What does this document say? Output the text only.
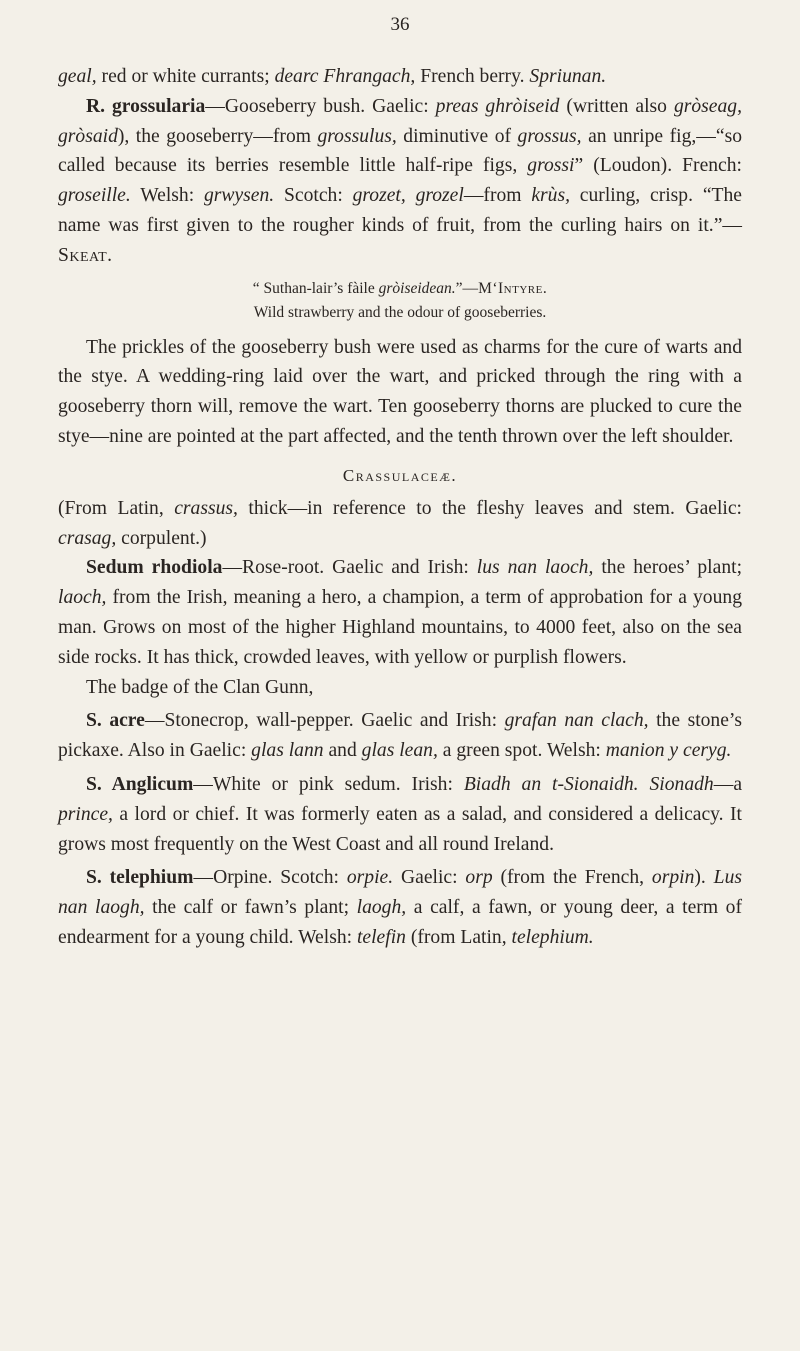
36

geal, red or white currants; dearc Fhrangach, French berry. Spriunan.

R. grossularia—Gooseberry bush. Gaelic: preas ghròiseid (written also gròseag, gròsaid), the gooseberry—from grossulus, diminutive of grossus, an unripe fig,—“so called because its berries resemble little half-ripe figs, grossi” (Loudon). French: groseille. Welsh: grwysen. Scotch: grozet, grozel—from krùs, curling, crisp. “The name was first given to the rougher kinds of fruit, from the curling hairs on it.”—Skeat.

“ Suthan-lair’s fàile gròiseidean.”—M‘Intyre.

Wild strawberry and the odour of gooseberries.

The prickles of the gooseberry bush were used as charms for the cure of warts and the stye. A wedding-ring laid over the wart, and pricked through the ring with a gooseberry thorn will, remove the wart. Ten gooseberry thorns are plucked to cure the stye—nine are pointed at the part affected, and the tenth thrown over the left shoulder.

Crassulaceæ.

(From Latin, crassus, thick—in reference to the fleshy leaves and stem. Gaelic: crasag, corpulent.)

Sedum rhodiola—Rose-root. Gaelic and Irish: lus nan laoch, the heroes’ plant; laoch, from the Irish, meaning a hero, a champion, a term of approbation for a young man. Grows on most of the higher Highland mountains, to 4000 feet, also on the sea side rocks. It has thick, crowded leaves, with yellow or purplish flowers.

The badge of the Clan Gunn,

S. acre—Stonecrop, wall-pepper. Gaelic and Irish: grafan nan clach, the stone’s pickaxe. Also in Gaelic: glas lann and glas lean, a green spot. Welsh: manion y ceryg.

S. Anglicum—White or pink sedum. Irish: Biadh an t-Sionaidh. Sionadh—a prince, a lord or chief. It was formerly eaten as a salad, and considered a delicacy. It grows most frequently on the West Coast and all round Ireland.

S. telephium—Orpine. Scotch: orpie. Gaelic: orp (from the French, orpin). Lus nan laogh, the calf or fawn’s plant; laogh, a calf, a fawn, or young deer, a term of endearment for a young child. Welsh: telefin (from Latin, telephium.
